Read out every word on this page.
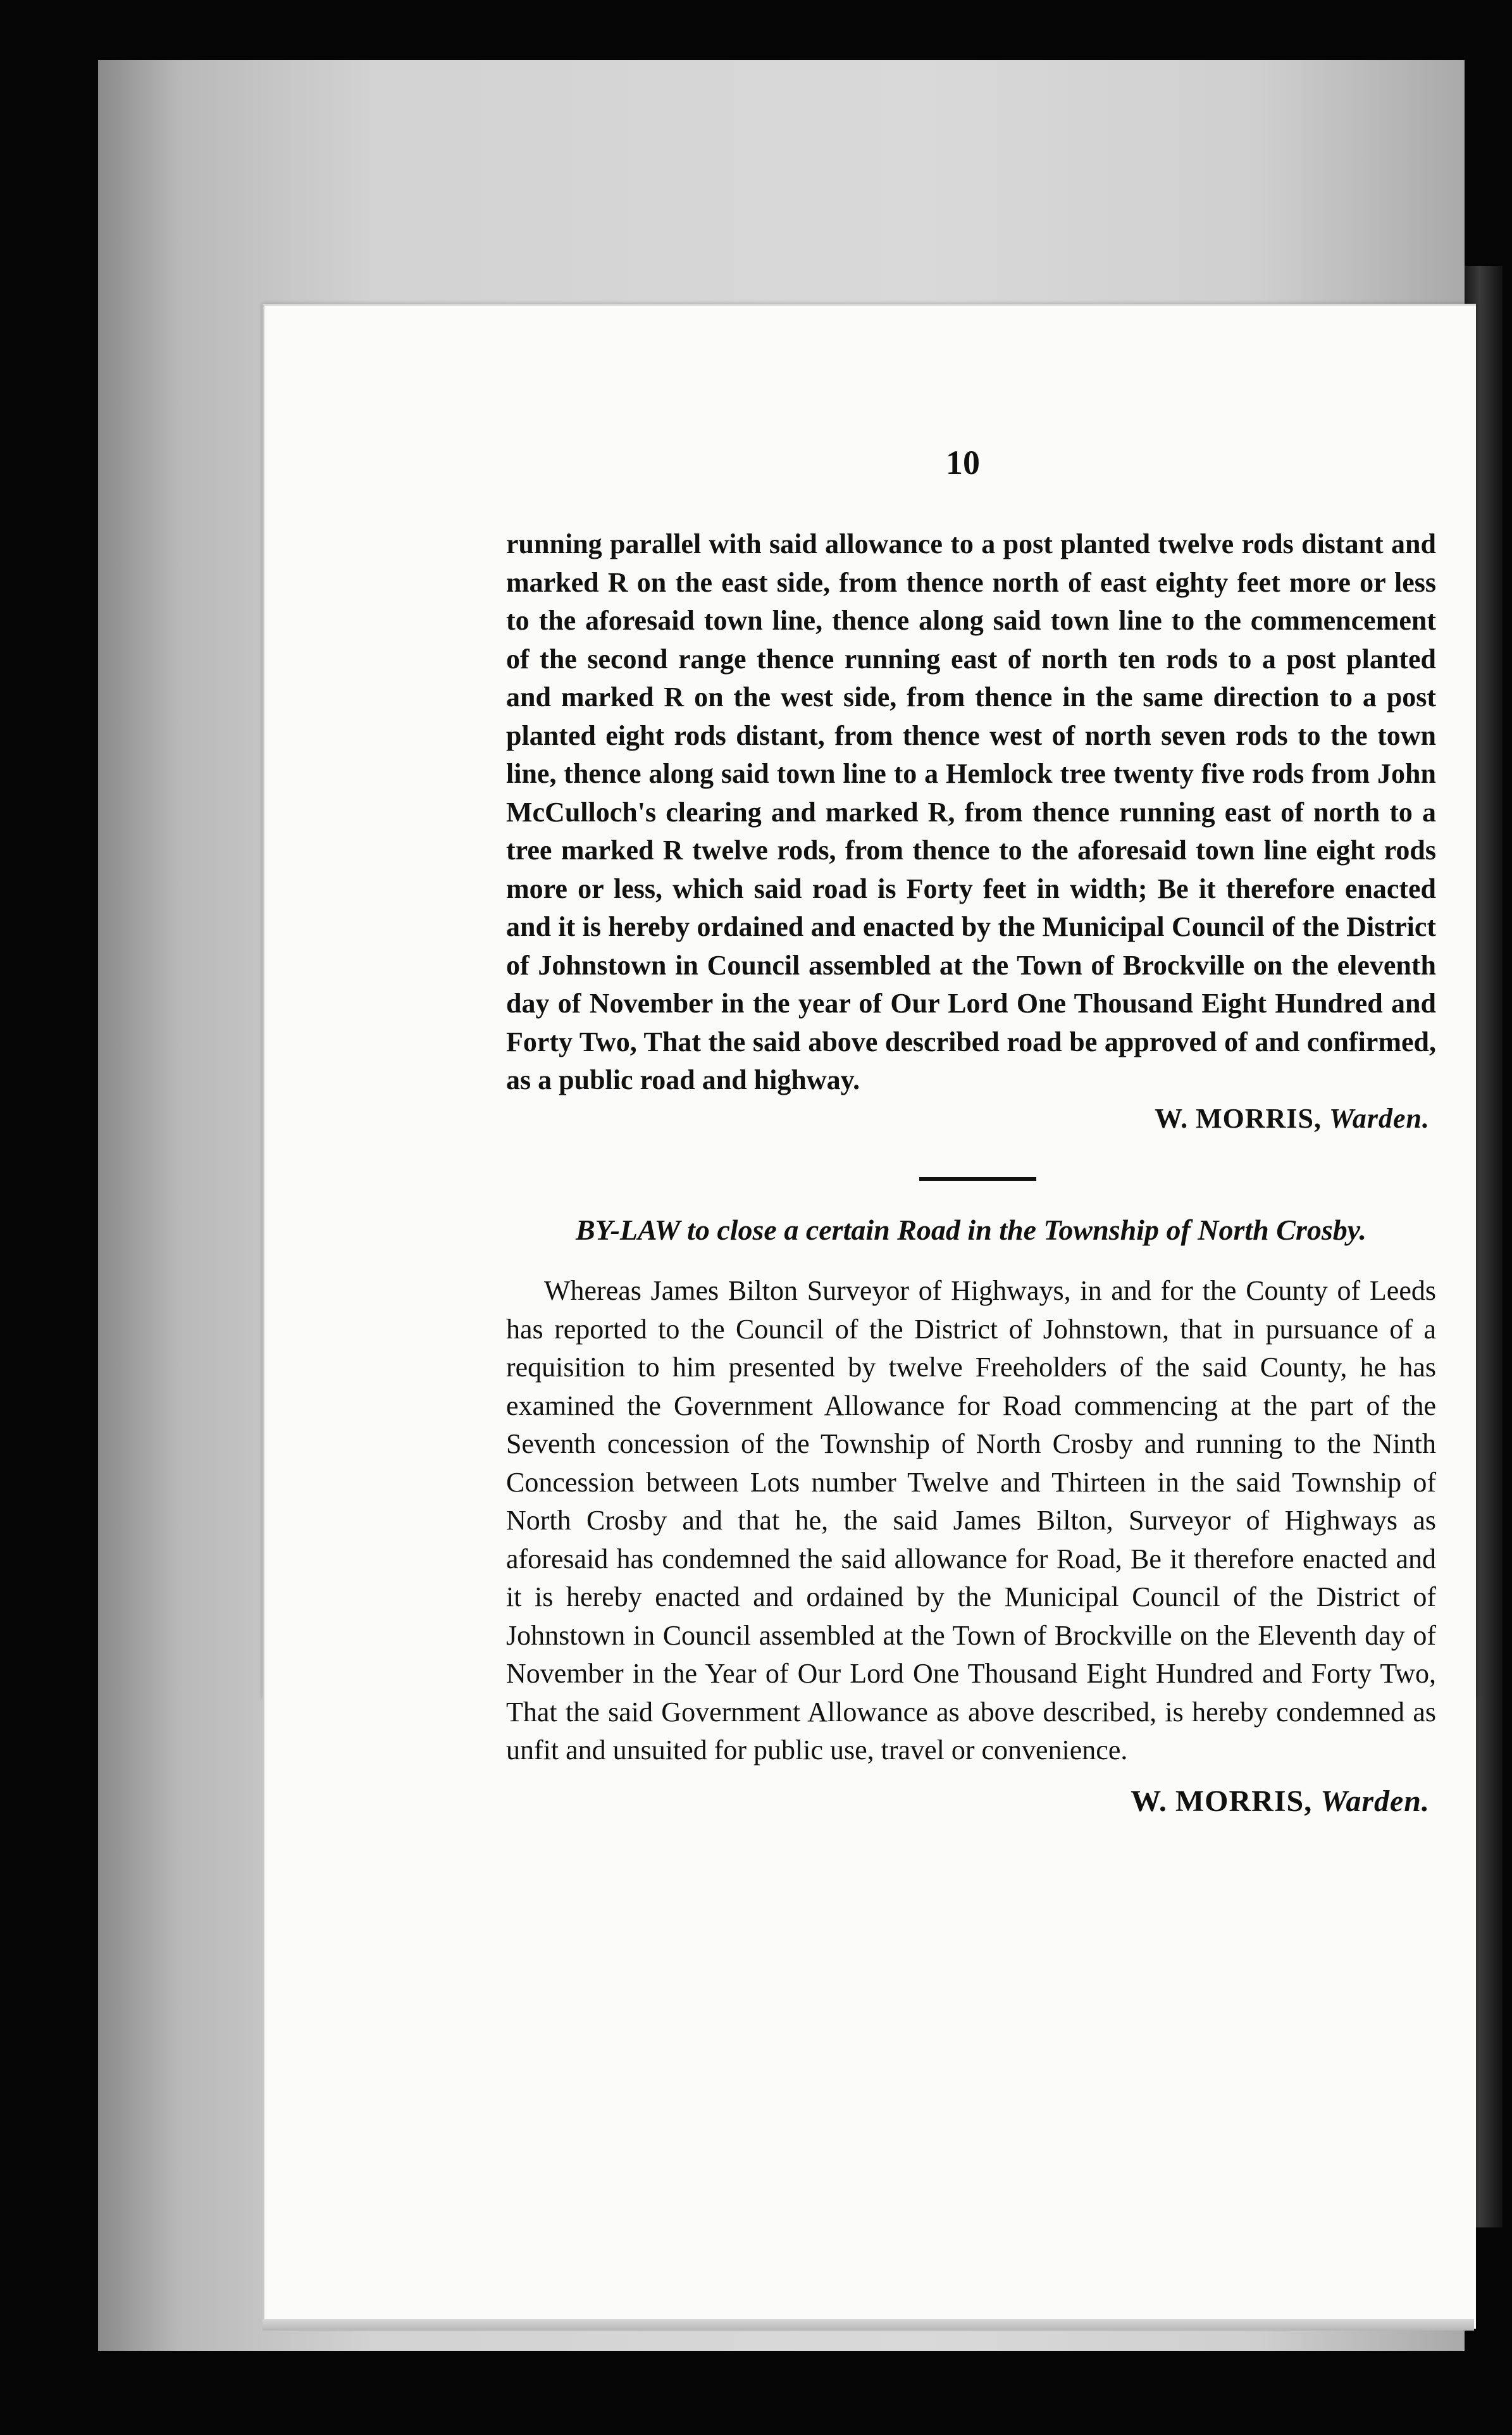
10

running parallel with said allowance to a post planted twelve rods distant and marked R on the east side, from thence north of east eighty feet more or less to the aforesaid town line, thence along said town line to the commencement of the second range thence running east of north ten rods to a post planted and marked R on the west side, from thence in the same direction to a post planted eight rods distant, from thence west of north seven rods to the town line, thence along said town line to a Hemlock tree twenty five rods from John McCulloch's clearing and marked R, from thence running east of north to a tree marked R twelve rods, from thence to the aforesaid town line eight rods more or less, which said road is Forty feet in width; Be it therefore enacted and it is hereby ordained and enacted by the Municipal Council of the District of Johnstown in Council assembled at the Town of Brockville on the eleventh day of November in the year of Our Lord One Thousand Eight Hundred and Forty Two, That the said above described road be approved of and confirmed, as a public road and highway.

W. MORRIS, Warden.

BY-LAW to close a certain Road in the Township of North Crosby.

Whereas James Bilton Surveyor of Highways, in and for the County of Leeds has reported to the Council of the District of Johnstown, that in pursuance of a requisition to him presented by twelve Freeholders of the said County, he has examined the Government Allowance for Road commencing at the part of the Seventh concession of the Township of North Crosby and running to the Ninth Concession between Lots number Twelve and Thirteen in the said Township of North Crosby and that he, the said James Bilton, Surveyor of Highways as aforesaid has condemned the said allowance for Road, Be it therefore enacted and it is hereby enacted and ordained by the Municipal Council of the District of Johnstown in Council assembled at the Town of Brockville on the Eleventh day of November in the Year of Our Lord One Thousand Eight Hundred and Forty Two, That the said Government Allowance as above described, is hereby condemned as unfit and unsuited for public use, travel or convenience.

W. MORRIS, Warden.
